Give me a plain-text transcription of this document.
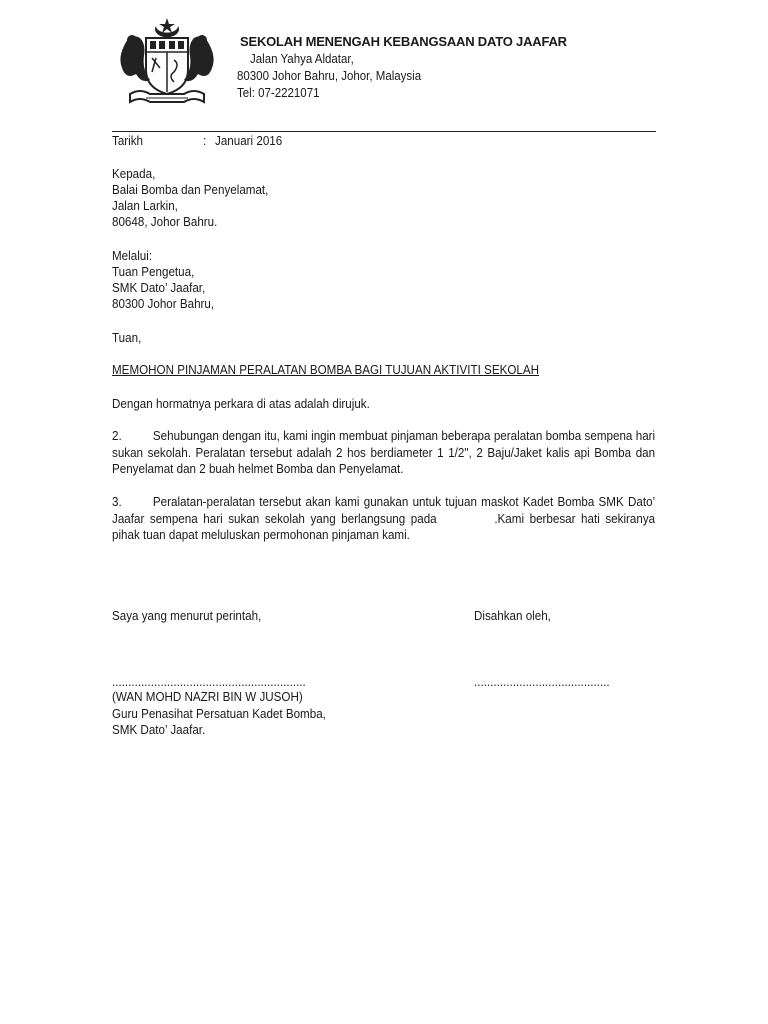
SEKOLAH MENENGAH KEBANGSAAN DATO JAAFAR
Jalan Yahya Aldatar,
80300 Johor Bahru, Johor, Malaysia
Tel: 07-2221071
Tarikh	: Januari 2016
Kepada,
Balai Bomba dan Penyelamat,
Jalan Larkin,
80648, Johor Bahru.
Melalui:
Tuan Pengetua,
SMK Dato’ Jaafar,
80300 Johor Bahru,
Tuan,
MEMOHON PINJAMAN PERALATAN BOMBA BAGI TUJUAN AKTIVITI SEKOLAH
Dengan hormatnya perkara di atas adalah dirujuk.
2. Sehubungan dengan itu, kami ingin membuat pinjaman beberapa peralatan bomba sempena hari sukan sekolah. Peralatan tersebut adalah 2 hos berdiameter 1 1/2", 2 Baju/Jaket kalis api Bomba dan Penyelamat dan 2 buah helmet Bomba dan Penyelamat.
3. Peralatan-peralatan tersebut akan kami gunakan untuk tujuan maskot Kadet Bomba SMK Dato’ Jaafar sempena hari sukan sekolah yang berlangsung pada	.Kami berbesar hati sekiranya pihak tuan dapat meluluskan permohonan pinjaman kami.
Saya yang menurut perintah,	Disahkan oleh,
............................................................	..........................................
(WAN MOHD NAZRI BIN W JUSOH)
Guru Penasihat Persatuan Kadet Bomba,
SMK Dato’ Jaafar.
